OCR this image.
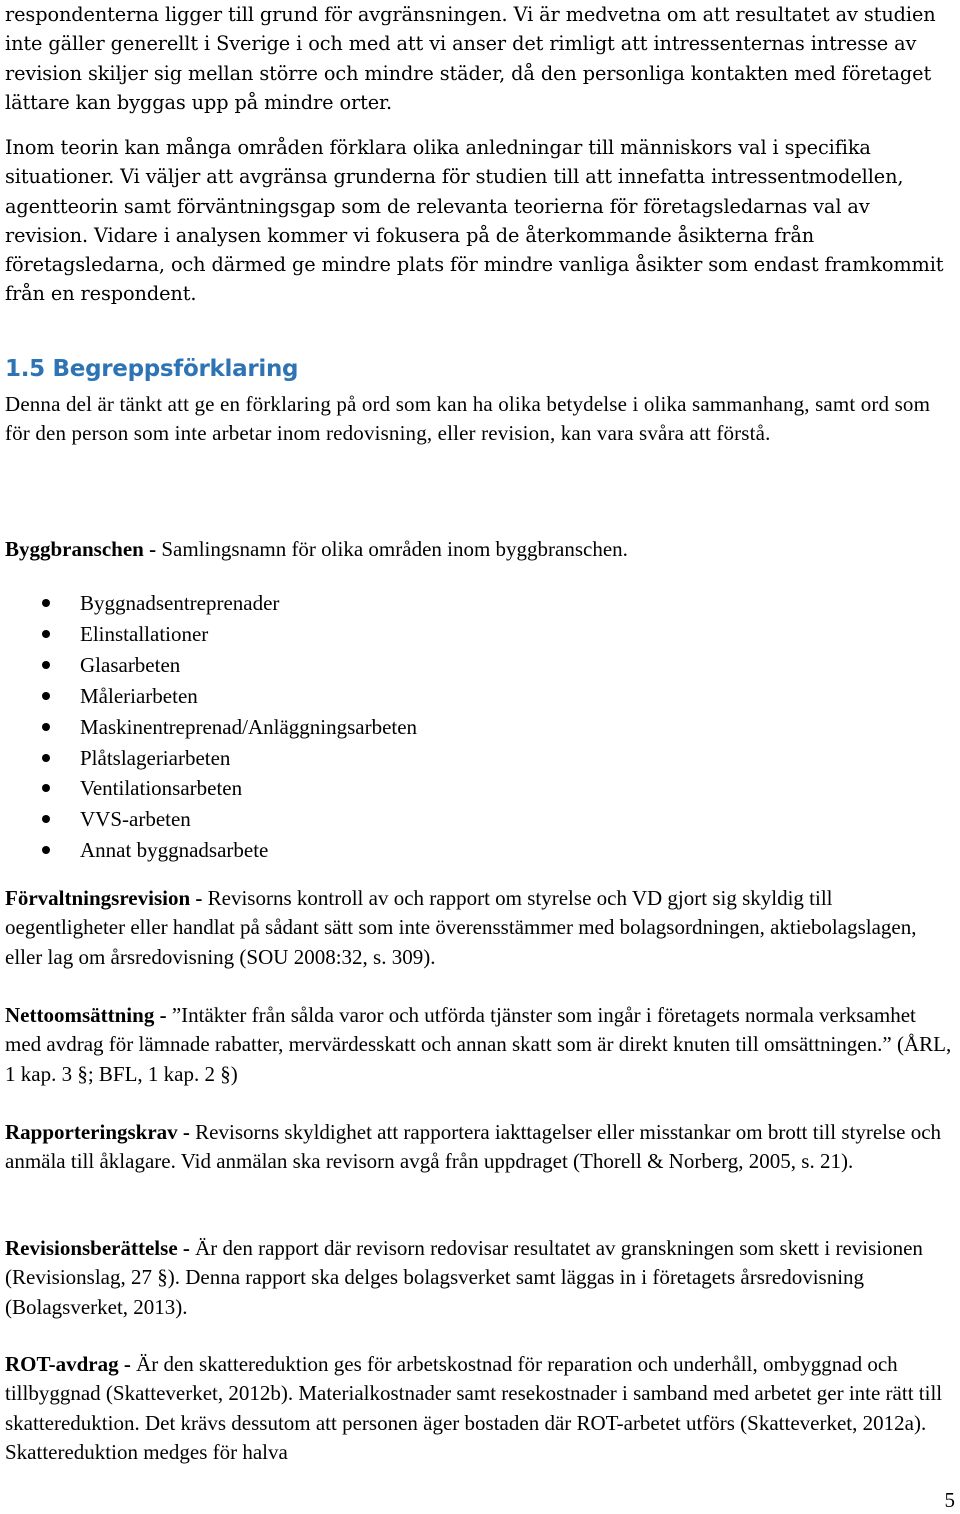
respondenterna ligger till grund för avgränsningen. Vi är medvetna om att resultatet av studien inte gäller generellt i Sverige i och med att vi anser det rimligt att intressenternas intresse av revision skiljer sig mellan större och mindre städer, då den personliga kontakten med företaget lättare kan byggas upp på mindre orter.

Inom teorin kan många områden förklara olika anledningar till människors val i specifika situationer. Vi väljer att avgränsa grunderna för studien till att innefatta intressentmodellen, agentteorin samt förväntningsgap som de relevanta teorierna för företagsledarnas val av revision. Vidare i analysen kommer vi fokusera på de återkommande åsikterna från företagsledarna, och därmed ge mindre plats för mindre vanliga åsikter som endast framkommit från en respondent.

1.5 Begreppsförklaring

Denna del är tänkt att ge en förklaring på ord som kan ha olika betydelse i olika sammanhang, samt ord som för den person som inte arbetar inom redovisning, eller revision, kan vara svåra att förstå.

Byggbranschen - Samlingsnamn för olika områden inom byggbranschen.

Byggnadsentreprenader
Elinstallationer
Glasarbeten
Måleriarbeten
Maskinentreprenad/Anläggningsarbeten
Plåtslageriarbeten
Ventilationsarbeten
VVS-arbeten
Annat byggnadsarbete

Förvaltningsrevision - Revisorns kontroll av och rapport om styrelse och VD gjort sig skyldig till oegentligheter eller handlat på sådant sätt som inte överensstämmer med bolagsordningen, aktiebolagslagen, eller lag om årsredovisning (SOU 2008:32, s. 309).

Nettoomsättning - ”Intäkter från sålda varor och utförda tjänster som ingår i företagets normala verksamhet med avdrag för lämnade rabatter, mervärdesskatt och annan skatt som är direkt knuten till omsättningen.” (ÅRL, 1 kap. 3 §; BFL, 1 kap. 2 §)

Rapporteringskrav - Revisorns skyldighet att rapportera iakttagelser eller misstankar om brott till styrelse och anmäla till åklagare. Vid anmälan ska revisorn avgå från uppdraget (Thorell & Norberg, 2005, s. 21).

Revisionsberättelse - Är den rapport där revisorn redovisar resultatet av granskningen som skett i revisionen (Revisionslag, 27 §). Denna rapport ska delges bolagsverket samt läggas in i företagets årsredovisning (Bolagsverket, 2013).

ROT-avdrag - Är den skattereduktion ges för arbetskostnad för reparation och underhåll, ombyggnad och tillbyggnad (Skatteverket, 2012b). Materialkostnader samt resekostnader i samband med arbetet ger inte rätt till skattereduktion. Det krävs dessutom att personen äger bostaden där ROT-arbetet utförs (Skatteverket, 2012a). Skattereduktion medges för halva

5
